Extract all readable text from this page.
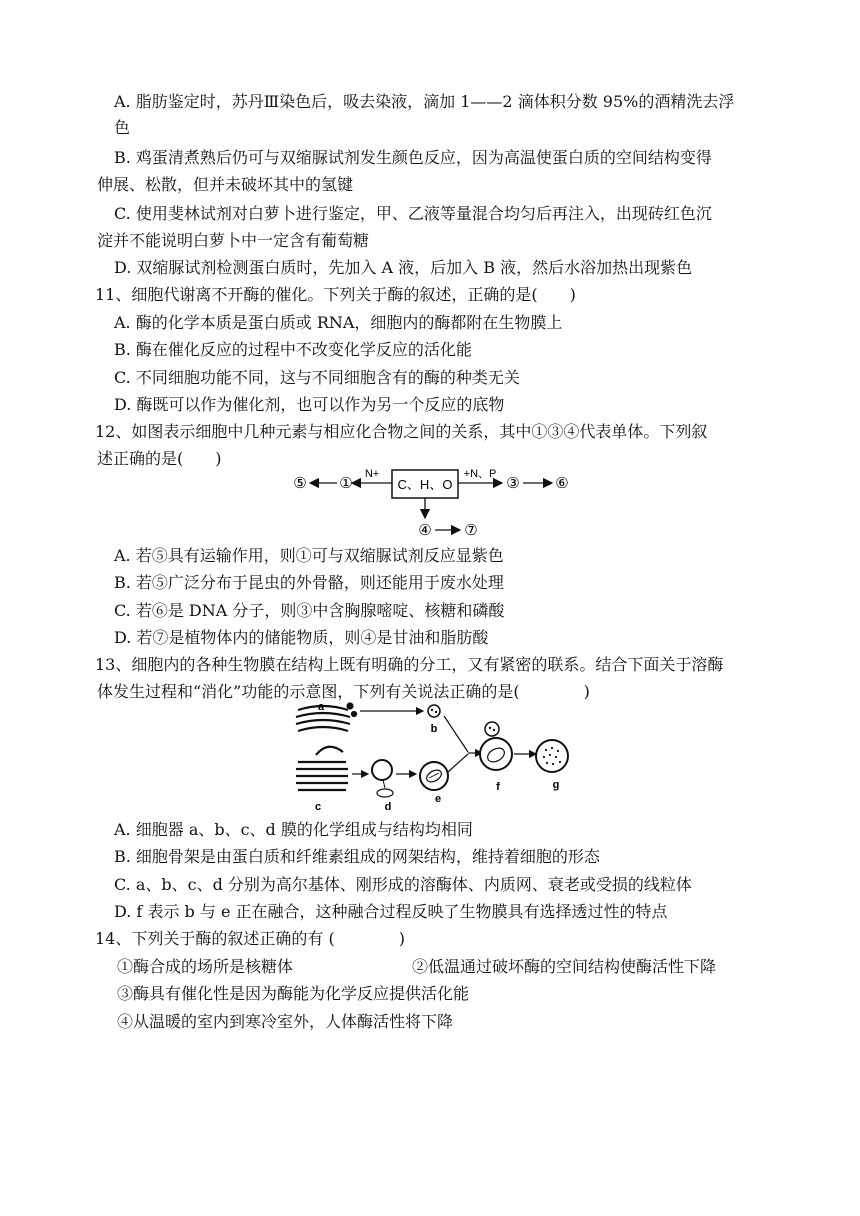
A. 脂肪鉴定时，苏丹Ⅲ染色后，吸去染液，滴加 1——2 滴体积分数 95%的酒精洗去浮
色
B. 鸡蛋清煮熟后仍可与双缩脲试剂发生颜色反应，因为高温使蛋白质的空间结构变得
伸展、松散，但并未破坏其中的氢键
C. 使用斐林试剂对白萝卜进行鉴定，甲、乙液等量混合均匀后再注入，出现砖红色沉
淀并不能说明白萝卜中一定含有葡萄糖
D. 双缩脲试剂检测蛋白质时，先加入 A 液，后加入 B 液，然后水浴加热出现紫色
11、细胞代谢离不开酶的催化。下列关于酶的叙述，正确的是(　　)
A. 酶的化学本质是蛋白质或 RNA，细胞内的酶都附在生物膜上
B. 酶在催化反应的过程中不改变化学反应的活化能
C. 不同细胞功能不同，这与不同细胞含有的酶的种类无关
D. 酶既可以作为催化剂，也可以作为另一个反应的底物
12、如图表示细胞中几种元素与相应化合物之间的关系，其中①③④代表单体。下列叙
述正确的是(　　)
C、H、O
N+
①
⑤
+N、P
③ ⑥
④ ⑦
A. 若⑤具有运输作用，则①可与双缩脲试剂反应显紫色
B. 若⑤广泛分布于昆虫的外骨骼，则还能用于废水处理
C. 若⑥是 DNA 分子，则③中含胸腺嘧啶、核糖和磷酸
D. 若⑦是植物体内的储能物质，则④是甘油和脂肪酸
13、细胞内的各种生物膜在结构上既有明确的分工，又有紧密的联系。结合下面关于溶酶
体发生过程和“消化”功能的示意图，下列有关说法正确的是(　　　　)
a
b
c	d
e
f	g
A. 细胞器 a、b、c、d 膜的化学组成与结构均相同
B. 细胞骨架是由蛋白质和纤维素组成的网架结构，维持着细胞的形态
C. a、b、c、d 分别为高尔基体、刚形成的溶酶体、内质网、衰老或受损的线粒体
D. f 表示 b 与 e 正在融合，这种融合过程反映了生物膜具有选择透过性的特点
14、下列关于酶的叙述正确的有 (　　　　)
①酶合成的场所是核糖体	②低温通过破坏酶的空间结构使酶活性下降
③酶具有催化性是因为酶能为化学反应提供活化能
④从温暖的室内到寒冷室外，人体酶活性将下降
